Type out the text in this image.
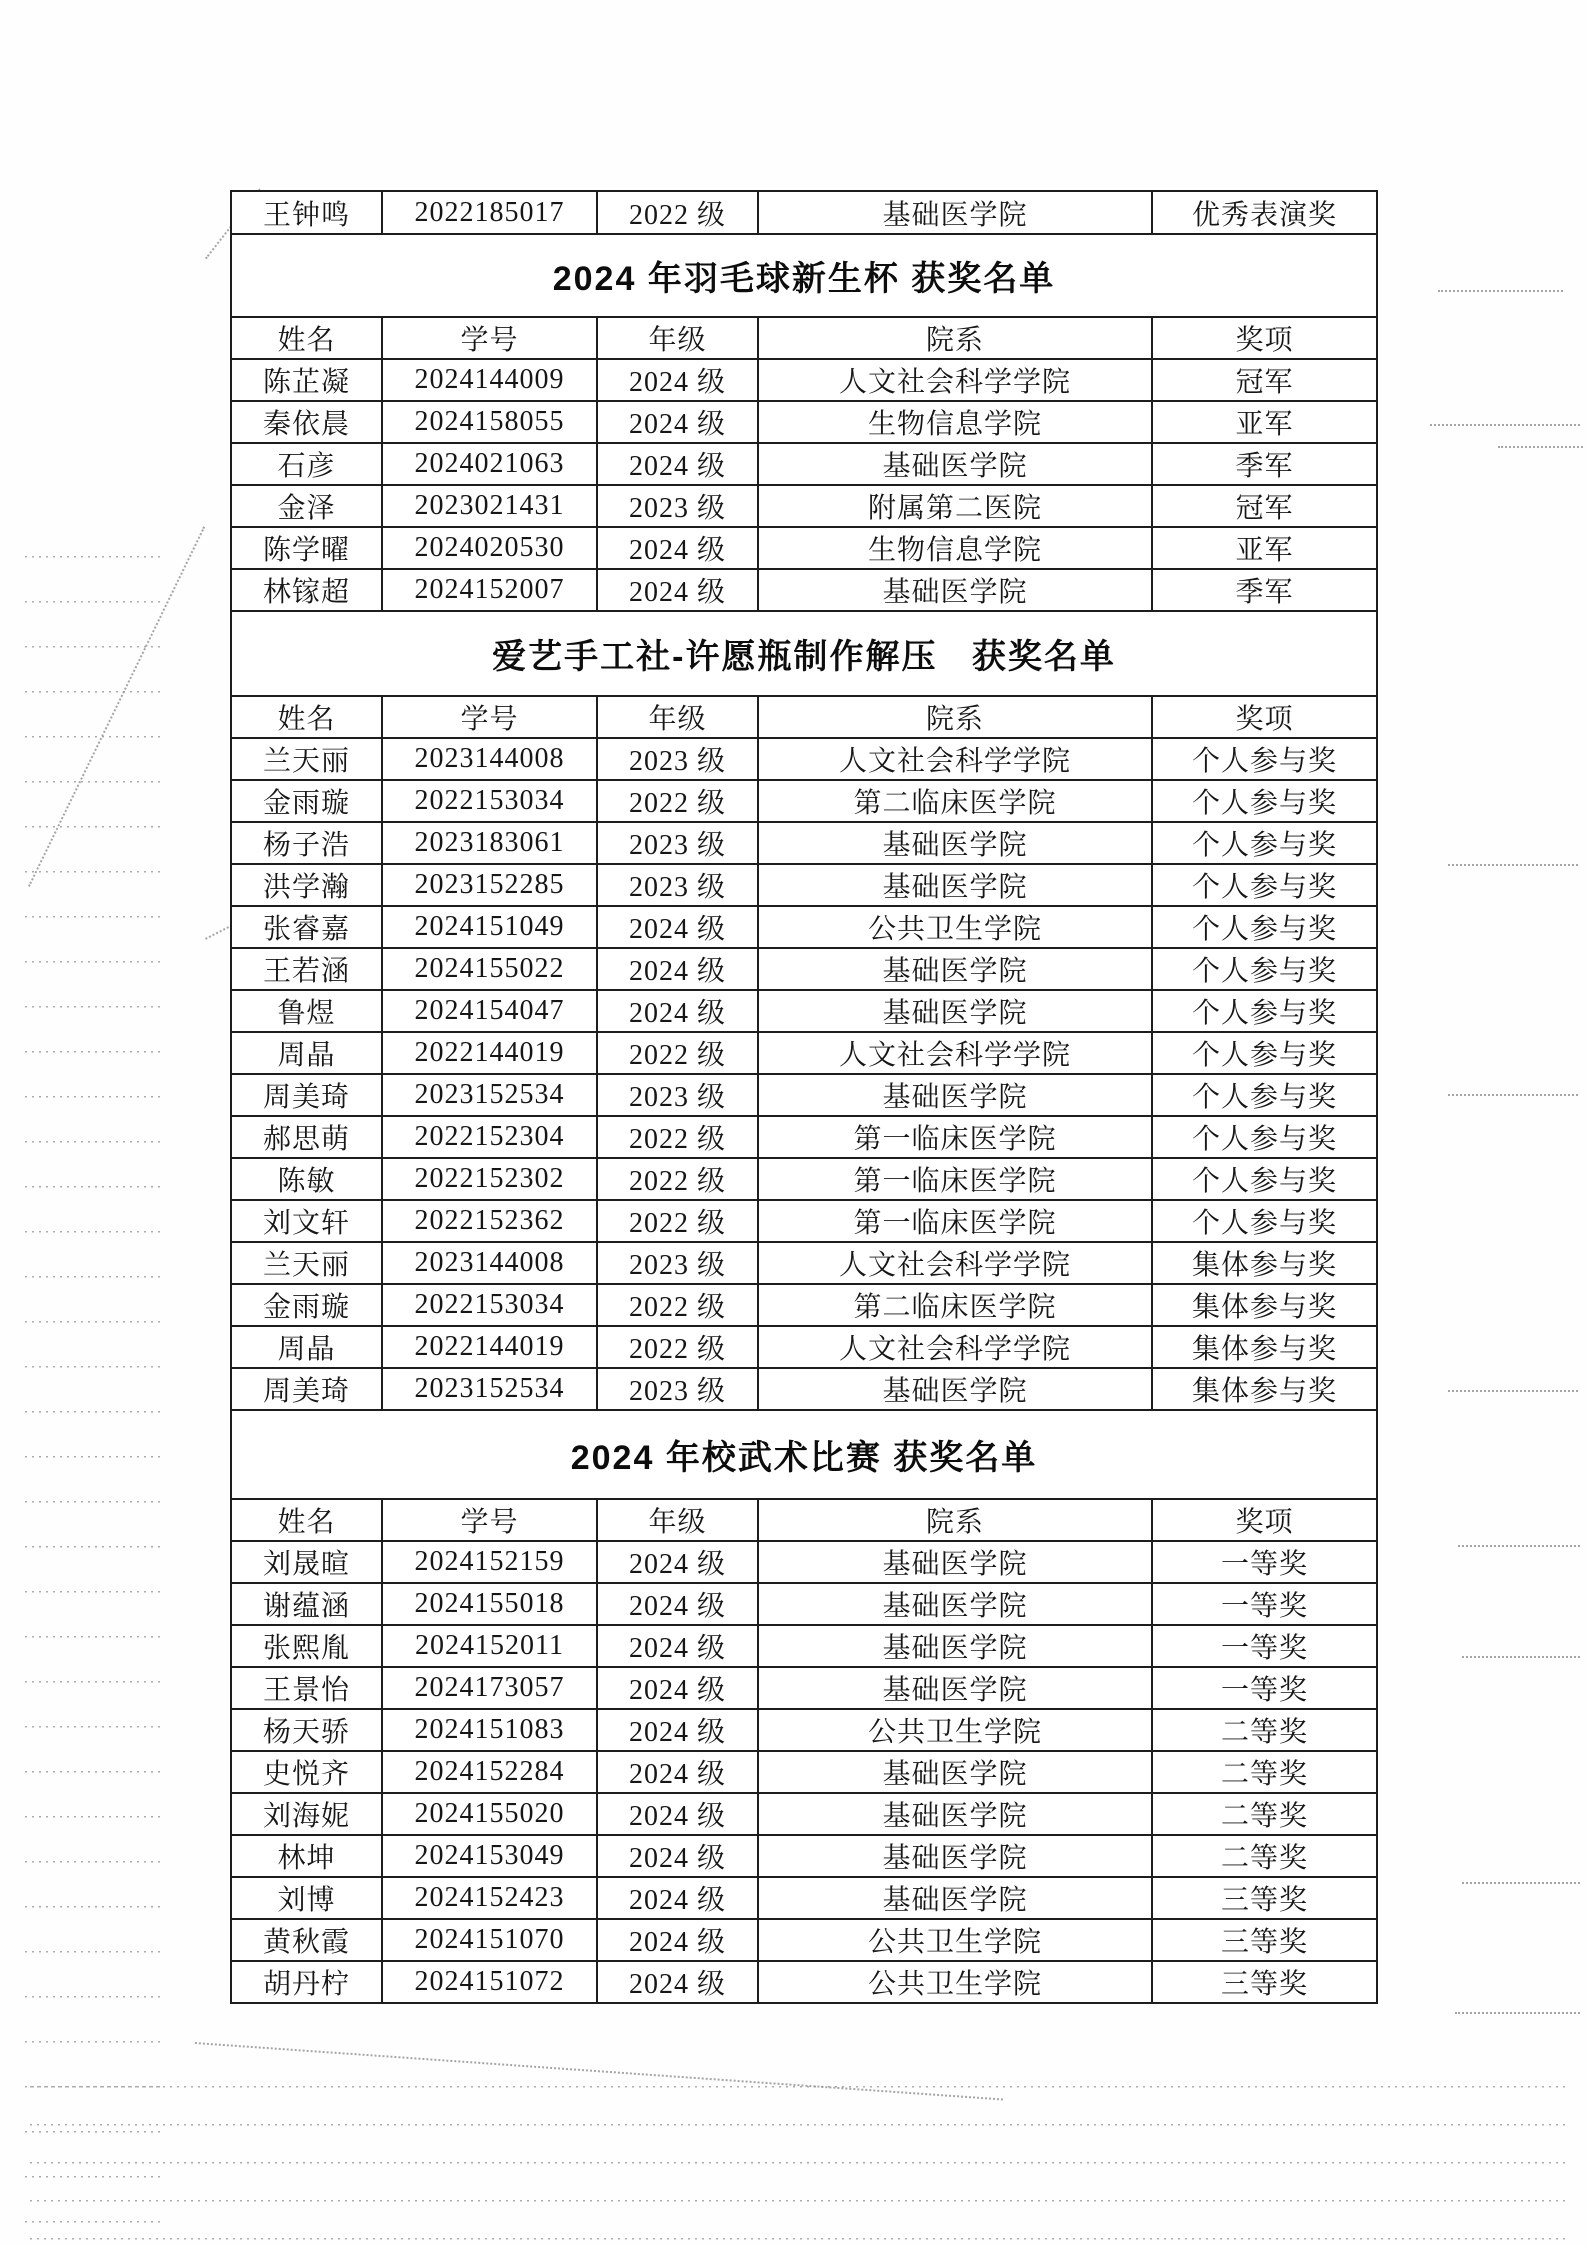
王钟鸣	2022185017	2022 级	基础医学院	优秀表演奖
2024 年羽毛球新生杯 获奖名单				
姓名	学号	年级	院系	奖项
陈芷凝	2024144009	2024 级	人文社会科学学院	冠军
秦依晨	2024158055	2024 级	生物信息学院	亚军
石彦	2024021063	2024 级	基础医学院	季军
金泽	2023021431	2023 级	附属第二医院	冠军
陈学曜	2024020530	2024 级	生物信息学院	亚军
林镓超	2024152007	2024 级	基础医学院	季军
爱艺手工社-许愿瓶制作解压   获奖名单				
姓名	学号	年级	院系	奖项
兰天丽	2023144008	2023 级	人文社会科学学院	个人参与奖
金雨璇	2022153034	2022 级	第二临床医学院	个人参与奖
杨子浩	2023183061	2023 级	基础医学院	个人参与奖
洪学瀚	2023152285	2023 级	基础医学院	个人参与奖
张睿嘉	2024151049	2024 级	公共卫生学院	个人参与奖
王若涵	2024155022	2024 级	基础医学院	个人参与奖
鲁煜	2024154047	2024 级	基础医学院	个人参与奖
周晶	2022144019	2022 级	人文社会科学学院	个人参与奖
周美琦	2023152534	2023 级	基础医学院	个人参与奖
郝思萌	2022152304	2022 级	第一临床医学院	个人参与奖
陈敏	2022152302	2022 级	第一临床医学院	个人参与奖
刘文轩	2022152362	2022 级	第一临床医学院	个人参与奖
兰天丽	2023144008	2023 级	人文社会科学学院	集体参与奖
金雨璇	2022153034	2022 级	第二临床医学院	集体参与奖
周晶	2022144019	2022 级	人文社会科学学院	集体参与奖
周美琦	2023152534	2023 级	基础医学院	集体参与奖
2024 年校武术比赛 获奖名单				
姓名	学号	年级	院系	奖项
刘晟暄	2024152159	2024 级	基础医学院	一等奖
谢蕴涵	2024155018	2024 级	基础医学院	一等奖
张熙胤	2024152011	2024 级	基础医学院	一等奖
王景怡	2024173057	2024 级	基础医学院	一等奖
杨天骄	2024151083	2024 级	公共卫生学院	二等奖
史悦齐	2024152284	2024 级	基础医学院	二等奖
刘海妮	2024155020	2024 级	基础医学院	二等奖
林坤	2024153049	2024 级	基础医学院	二等奖
刘博	2024152423	2024 级	基础医学院	三等奖
黄秋霞	2024151070	2024 级	公共卫生学院	三等奖
胡丹柠	2024151072	2024 级	公共卫生学院	三等奖
